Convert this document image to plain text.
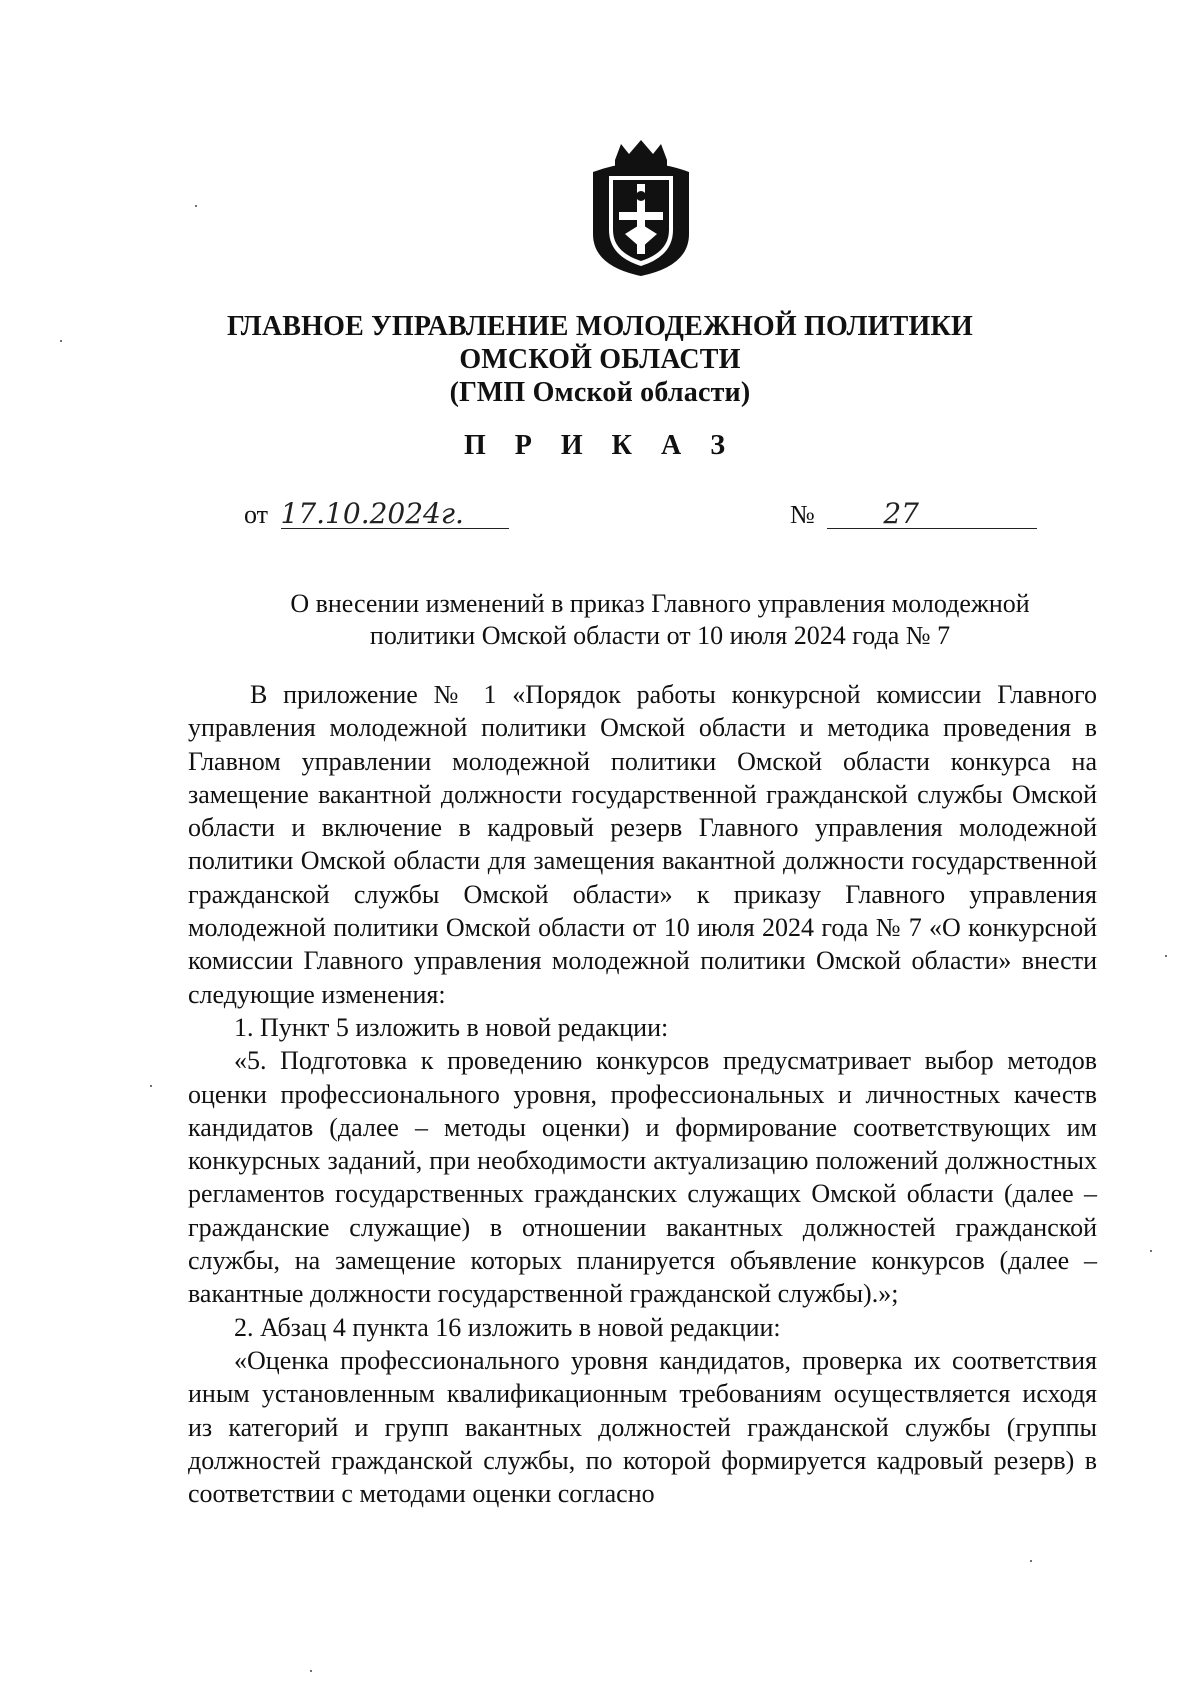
ГЛАВНОЕ УПРАВЛЕНИЕ МОЛОДЕЖНОЙ ПОЛИТИКИ
ОМСКОЙ ОБЛАСТИ
(ГМП Омской области)
П Р И К А З
от 17.10.2024г.	№ 27
О внесении изменений в приказ Главного управления молодежной политики Омской области от 10 июля 2024 года № 7

В приложение № 1 «Порядок работы конкурсной комиссии Главного управления молодежной политики Омской области и методика проведения в Главном управлении молодежной политики Омской области конкурса на замещение вакантной должности государственной гражданской службы Омской области и включение в кадровый резерв Главного управления молодежной политики Омской области для замещения вакантной должности государственной гражданской службы Омской области» к приказу Главного управления молодежной политики Омской области от 10 июля 2024 года № 7 «О конкурсной комиссии Главного управления молодежной политики Омской области» внести следующие изменения:

1. Пункт 5 изложить в новой редакции:

«5. Подготовка к проведению конкурсов предусматривает выбор методов оценки профессионального уровня, профессиональных и личностных качеств кандидатов (далее – методы оценки) и формирование соответствующих им конкурсных заданий, при необходимости актуализацию положений должностных регламентов государственных гражданских служащих Омской области (далее – гражданские служащие) в отношении вакантных должностей гражданской службы, на замещение которых планируется объявление конкурсов (далее – вакантные должности государственной гражданской службы).»;

2. Абзац 4 пункта 16 изложить в новой редакции:

«Оценка профессионального уровня кандидатов, проверка их соответствия иным установленным квалификационным требованиям осуществляется исходя из категорий и групп вакантных должностей гражданской службы (группы должностей гражданской службы, по которой формируется кадровый резерв) в соответствии с методами оценки согласно
